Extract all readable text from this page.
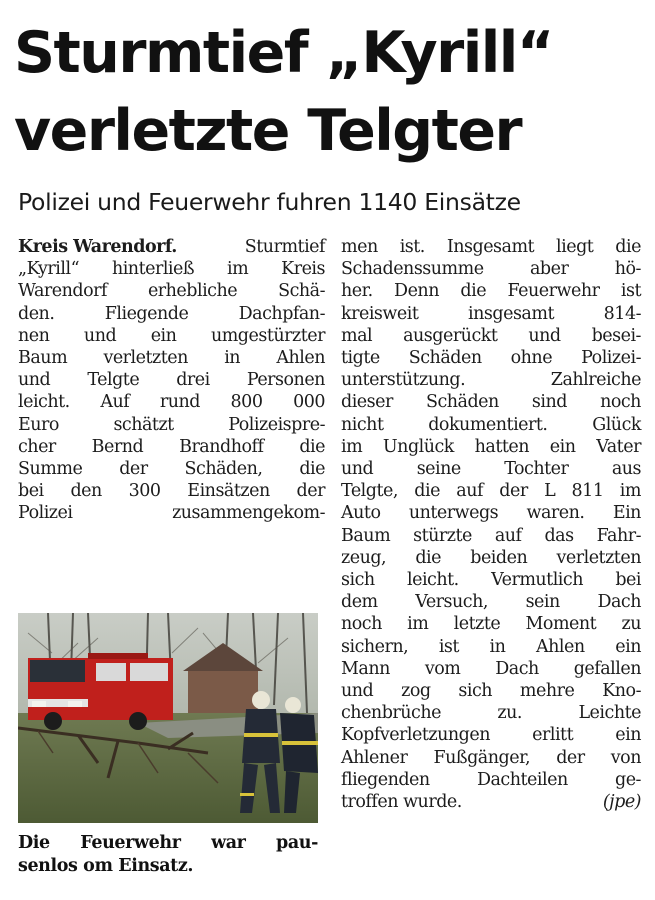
Sturmtief „Kyrill“
verletzte Telgter
Polizei und Feuerwehr fuhren 1140 Einsätze
Kreis Warendorf.	Sturmtief
„Kyrill“ hinterließ im Kreis
Warendorf erhebliche Schä-
den.	Fliegende	Dachpfan-
nen und ein umgestürzter
Baum verletzten in Ahlen
und Telgte drei Personen
leicht. Auf rund 800 000
Euro	schätzt	Polizeispre-
cher Bernd Brandhoff die
Summe der Schäden, die
bei den 300 Einsätzen der
Polizei	zusammengekom-
men ist. Insgesamt liegt die
Schadenssumme	aber	hö-
her. Denn die Feuerwehr ist
kreisweit	insgesamt	814-
mal ausgerückt und besei-
tigte Schäden ohne Polizei-
unterstützung.	Zahlreiche
dieser Schäden sind noch
nicht	dokumentiert.	Glück
im Unglück hatten ein Vater
und seine Tochter aus
Telgte, die auf der L 811 im
Auto unterwegs waren. Ein
Baum stürzte auf das Fahr-
zeug, die beiden verletzten
sich leicht. Vermutlich bei
dem Versuch, sein Dach
noch im letzte Moment zu
sichern, ist in Ahlen ein
Mann vom Dach gefallen
und zog sich mehre Kno-
chenbrüche	zu.	Leichte
Kopfverletzungen erlitt ein
Ahlener Fußgänger, der von
fliegenden	Dachteilen	ge-
troffen wurde.	(jpe)

Die Feuerwehr war pau-
senlos om Einsatz.
